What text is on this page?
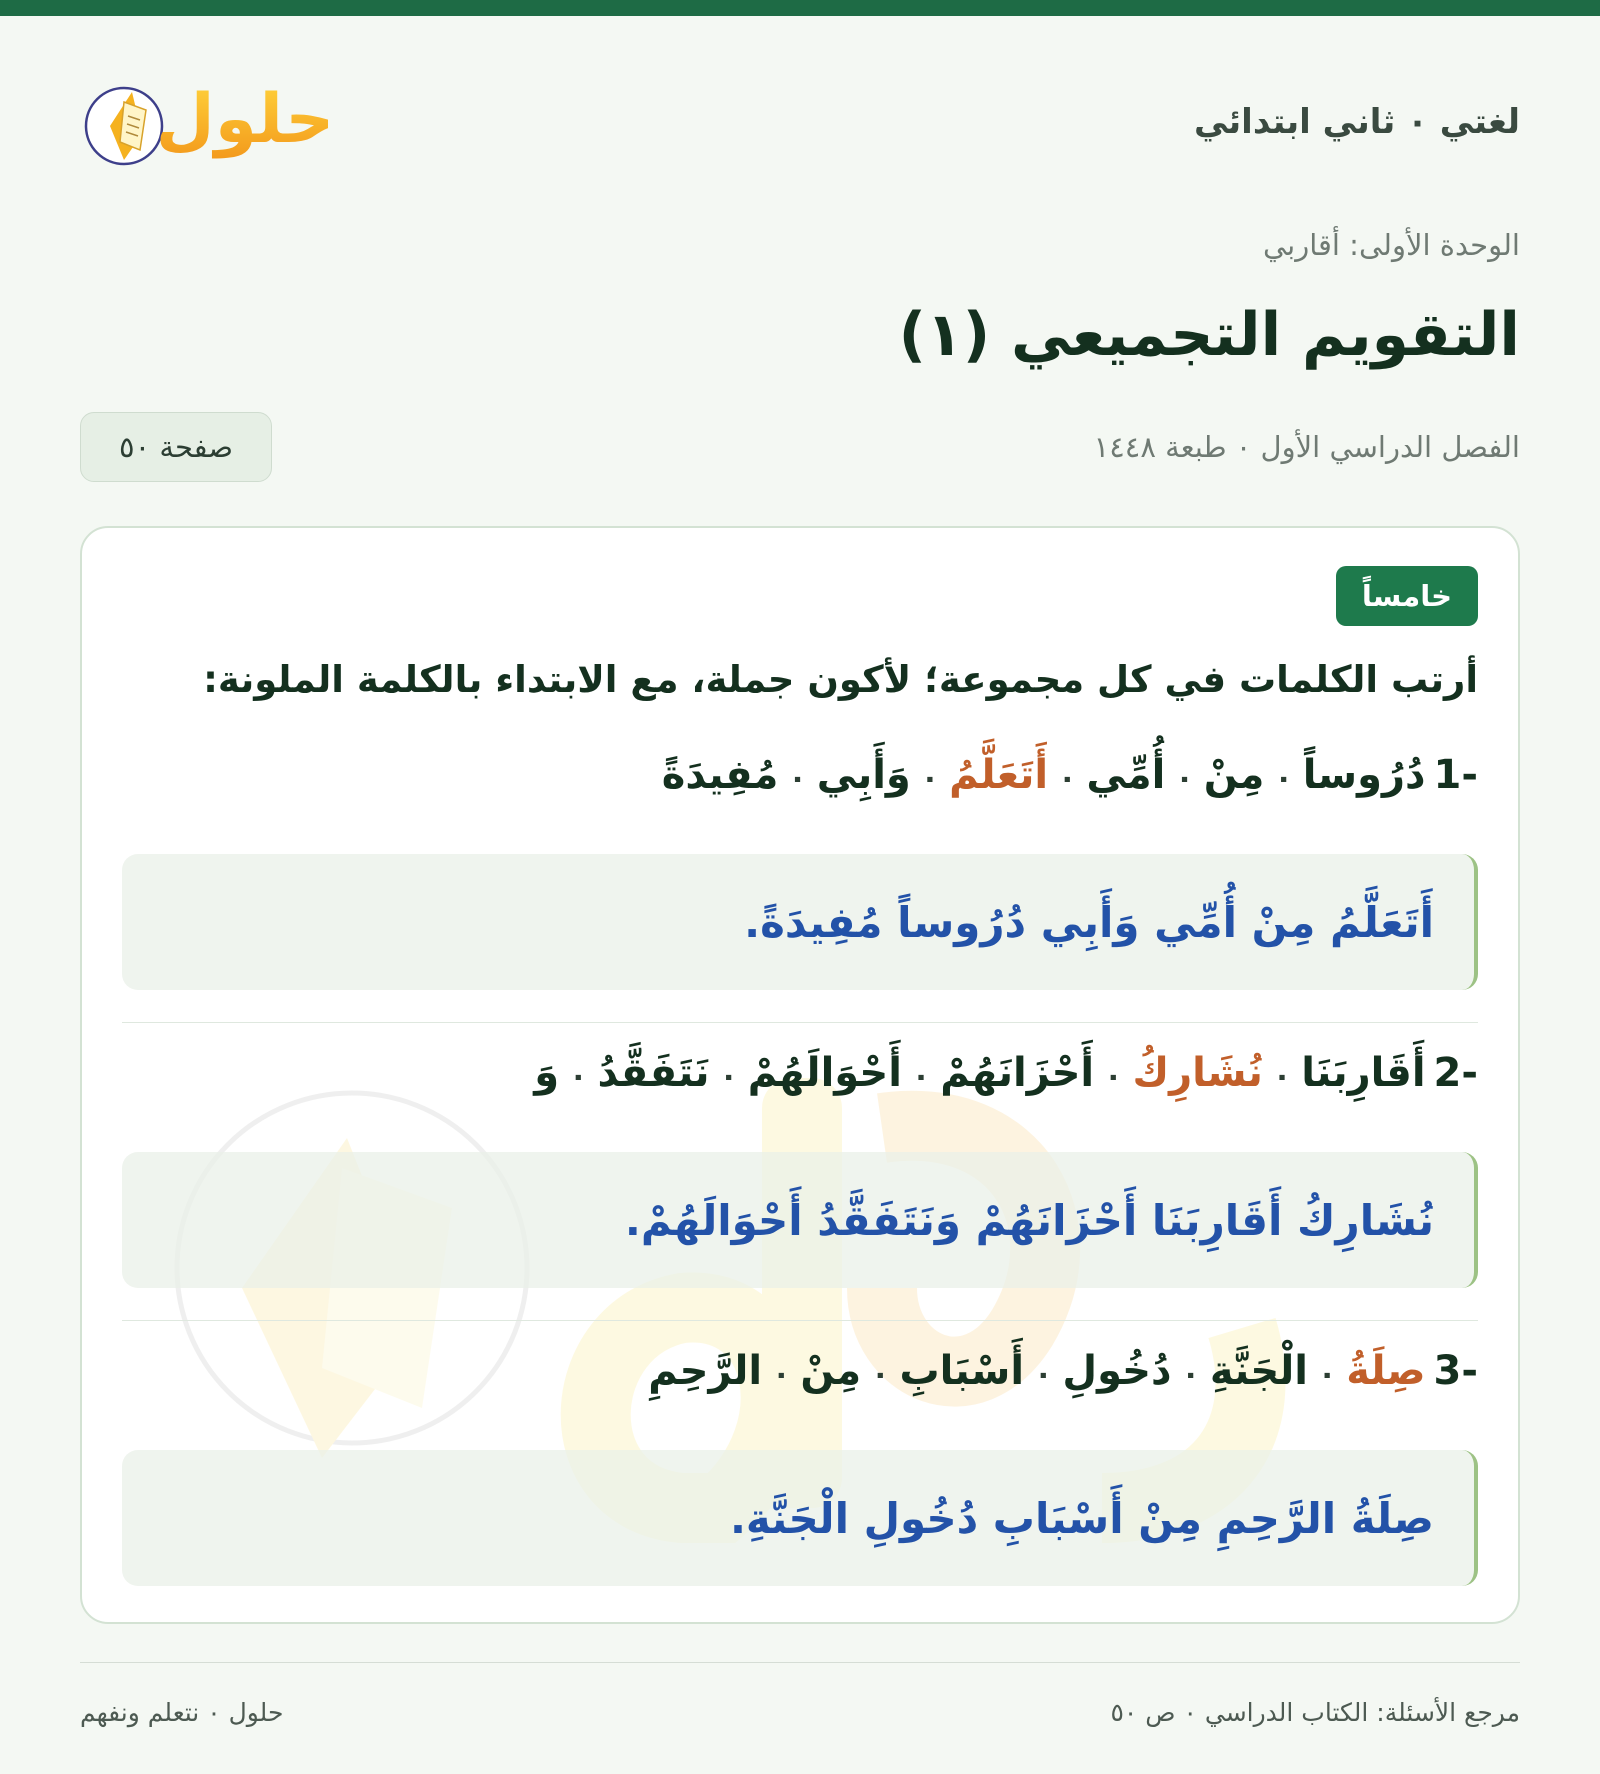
لغتي ٠ ثاني ابتدائي
حلول
الوحدة الأولى: أقاربي
التقويم التجميعي (١)
الفصل الدراسي الأول ٠ طبعة ١٤٤٨
صفحة ٥٠
خامساً
أرتب الكلمات في كل مجموعة؛ لأكون جملة، مع الابتداء بالكلمة الملونة:
-1دُرُوساً٠مِنْ٠أُمِّي٠أَتَعَلَّمُ٠وَأَبِي٠مُفِيدَةً
أَتَعَلَّمُ مِنْ أُمِّي وَأَبِي دُرُوساً مُفِيدَةً.
-2أَقَارِبَنَا٠نُشَارِكُ٠أَحْزَانَهُمْ٠أَحْوَالَهُمْ٠نَتَفَقَّدُ٠وَ
نُشَارِكُ أَقَارِبَنَا أَحْزَانَهُمْ وَنَتَفَقَّدُ أَحْوَالَهُمْ.
-3صِلَةُ٠الْجَنَّةِ٠دُخُولِ٠أَسْبَابِ٠مِنْ٠الرَّحِمِ
صِلَةُ الرَّحِمِ مِنْ أَسْبَابِ دُخُولِ الْجَنَّةِ.
مرجع الأسئلة: الكتاب الدراسي ٠ ص ٥٠
حلول ٠ نتعلم ونفهم
